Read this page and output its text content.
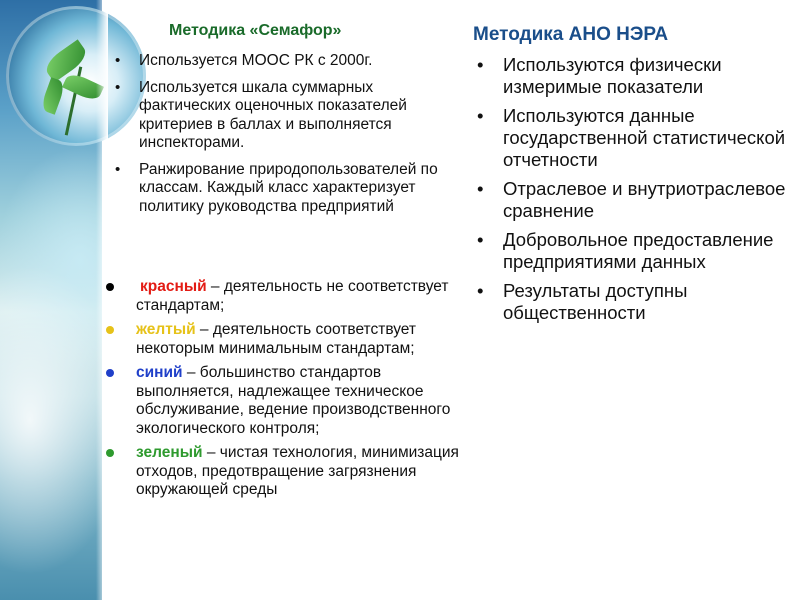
Методика «Семафор»
• Используется МООС РК с 2000г.
• Используется шкала суммарных фактических оценочных показателей критериев в баллах и выполняется инспекторами.
• Ранжирование природопользователей по классам. Каждый класс характеризует политику руководства предприятий
красный – деятельность не соответствует стандартам;
желтый – деятельность соответствует некоторым минимальным стандартам;
синий – большинство стандартов выполняется, надлежащее техническое обслуживание, ведение производственного экологического контроля;
зеленый – чистая технология, минимизация отходов, предотвращение загрязнения окружающей среды
Методика АНО НЭРА
• Используются физически измеримые показатели
• Используются данные государственной статистической отчетности
• Отраслевое и внутриотраслевое сравнение
• Добровольное предоставление предприятиями данных
• Результаты доступны общественности
